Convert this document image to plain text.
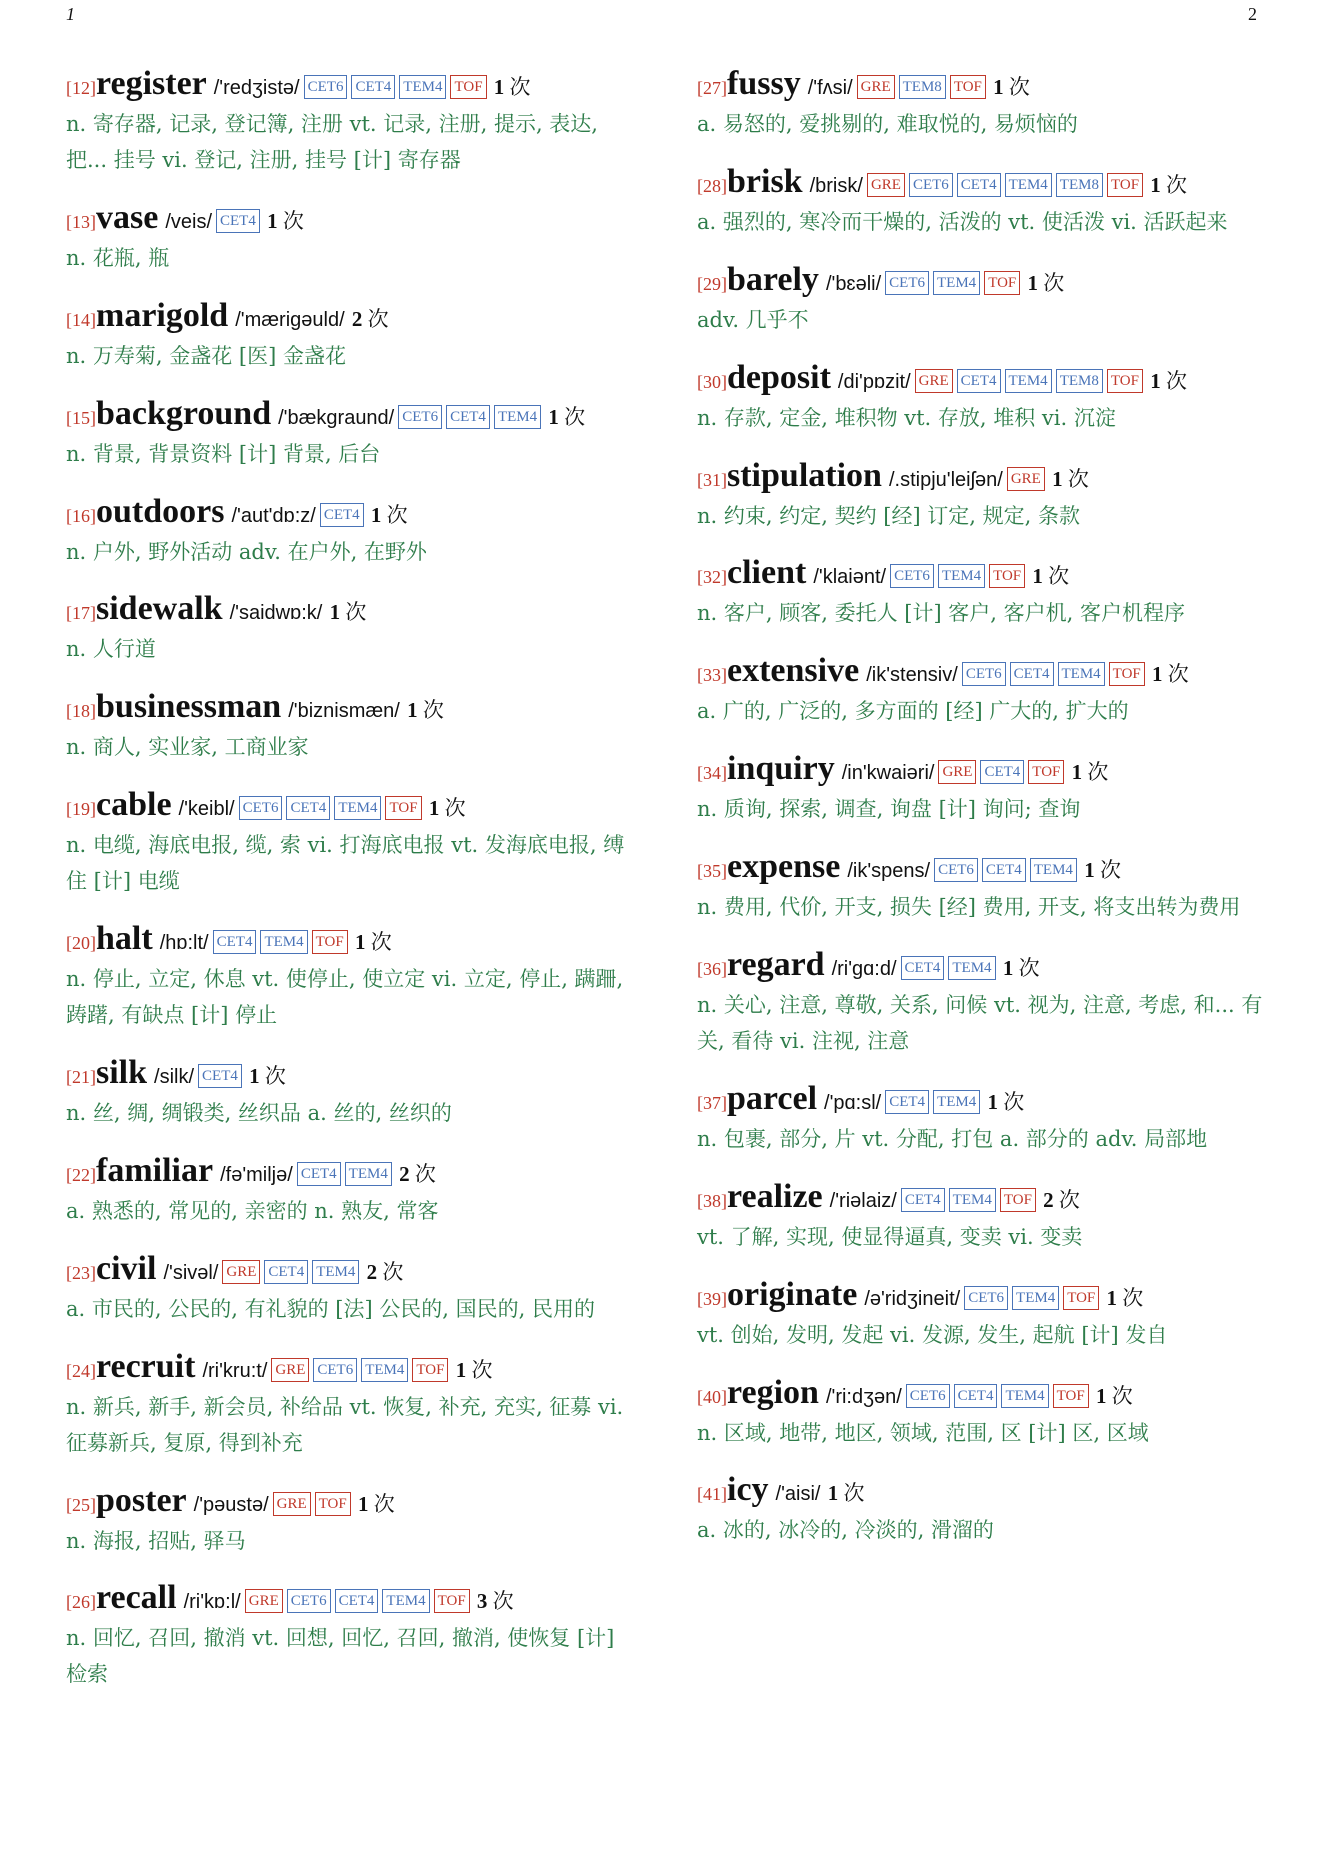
1	2
[12]register /'redʒistə/ CET6 CET4 TEM4 TOF 1 次
n. 寄存器, 记录, 登记簿, 注册 vt. 记录, 注册, 提示, 表达, 把... 挂号 vi. 登记, 注册, 挂号 [计] 寄存器
[13]vase /veis/ CET4 1 次
n. 花瓶, 瓶
[14]marigold /'mærigəuld/ 2 次
n. 万寿菊, 金盏花 [医] 金盏花
[15]background /'bækgraund/ CET6 CET4 TEM4 1 次
n. 背景, 背景资料 [计] 背景, 后台
[16]outdoors /'aut'dɒ:z/ CET4 1 次
n. 户外, 野外活动 adv. 在户外, 在野外
[17]sidewalk /'saidwɒ:k/ 1 次
n. 人行道
[18]businessman /'biznismæn/ 1 次
n. 商人, 实业家, 工商业家
[19]cable /'keibl/ CET6 CET4 TEM4 TOF 1 次
n. 电缆, 海底电报, 缆, 索 vi. 打海底电报 vt. 发海底电报, 缚住 [计] 电缆
[20]halt /hɒ:lt/ CET4 TEM4 TOF 1 次
n. 停止, 立定, 休息 vt. 使停止, 使立定 vi. 立定, 停止, 蹒跚, 踌躇, 有缺点 [计] 停止
[21]silk /silk/ CET4 1 次
n. 丝, 绸, 绸锻类, 丝织品 a. 丝的, 丝织的
[22]familiar /fə'miljə/ CET4 TEM4 2 次
a. 熟悉的, 常见的, 亲密的 n. 熟友, 常客
[23]civil /'sivəl/ GRE CET4 TEM4 2 次
a. 市民的, 公民的, 有礼貌的 [法] 公民的, 国民的, 民用的
[24]recruit /ri'kru:t/ GRE CET6 TEM4 TOF 1 次
n. 新兵, 新手, 新会员, 补给品 vt. 恢复, 补充, 充实, 征募 vi. 征募新兵, 复原, 得到补充
[25]poster /'pəustə/ GRE TOF 1 次
n. 海报, 招贴, 驿马
[26]recall /ri'kɒ:l/ GRE CET6 CET4 TEM4 TOF 3 次
n. 回忆, 召回, 撤消 vt. 回想, 回忆, 召回, 撤消, 使恢复 [计] 检索
[27]fussy /'fʌsi/ GRE TEM8 TOF 1 次
a. 易怒的, 爱挑剔的, 难取悦的, 易烦恼的
[28]brisk /brisk/ GRE CET6 CET4 TEM4 TEM8 TOF 1 次
a. 强烈的, 寒冷而干燥的, 活泼的 vt. 使活泼 vi. 活跃起来
[29]barely /'bɛəli/ CET6 TEM4 TOF 1 次
adv. 几乎不
[30]deposit /di'pɒzit/ GRE CET4 TEM4 TEM8 TOF 1 次
n. 存款, 定金, 堆积物 vt. 存放, 堆积 vi. 沉淀
[31]stipulation /.stipju'leiʃən/ GRE 1 次
n. 约束, 约定, 契约 [经] 订定, 规定, 条款
[32]client /'klaiənt/ CET6 TEM4 TOF 1 次
n. 客户, 顾客, 委托人 [计] 客户, 客户机, 客户机程序
[33]extensive /ik'stensiv/ CET6 CET4 TEM4 TOF 1 次
a. 广的, 广泛的, 多方面的 [经] 广大的, 扩大的
[34]inquiry /in'kwaiəri/ GRE CET4 TOF 1 次
n. 质询, 探索, 调查, 询盘 [计] 询问; 查询
[35]expense /ik'spens/ CET6 CET4 TEM4 1 次
n. 费用, 代价, 开支, 损失 [经] 费用, 开支, 将支出转为费用
[36]regard /ri'gɑ:d/ CET4 TEM4 1 次
n. 关心, 注意, 尊敬, 关系, 问候 vt. 视为, 注意, 考虑, 和... 有关, 看待 vi. 注视, 注意
[37]parcel /'pɑ:sl/ CET4 TEM4 1 次
n. 包裹, 部分, 片 vt. 分配, 打包 a. 部分的 adv. 局部地
[38]realize /'riəlaiz/ CET4 TEM4 TOF 2 次
vt. 了解, 实现, 使显得逼真, 变卖 vi. 变卖
[39]originate /ə'ridʒineit/ CET6 TEM4 TOF 1 次
vt. 创始, 发明, 发起 vi. 发源, 发生, 起航 [计] 发自
[40]region /'ri:dʒən/ CET6 CET4 TEM4 TOF 1 次
n. 区域, 地带, 地区, 领域, 范围, 区 [计] 区, 区域
[41]icy /'aisi/ 1 次
a. 冰的, 冰冷的, 冷淡的, 滑溜的
